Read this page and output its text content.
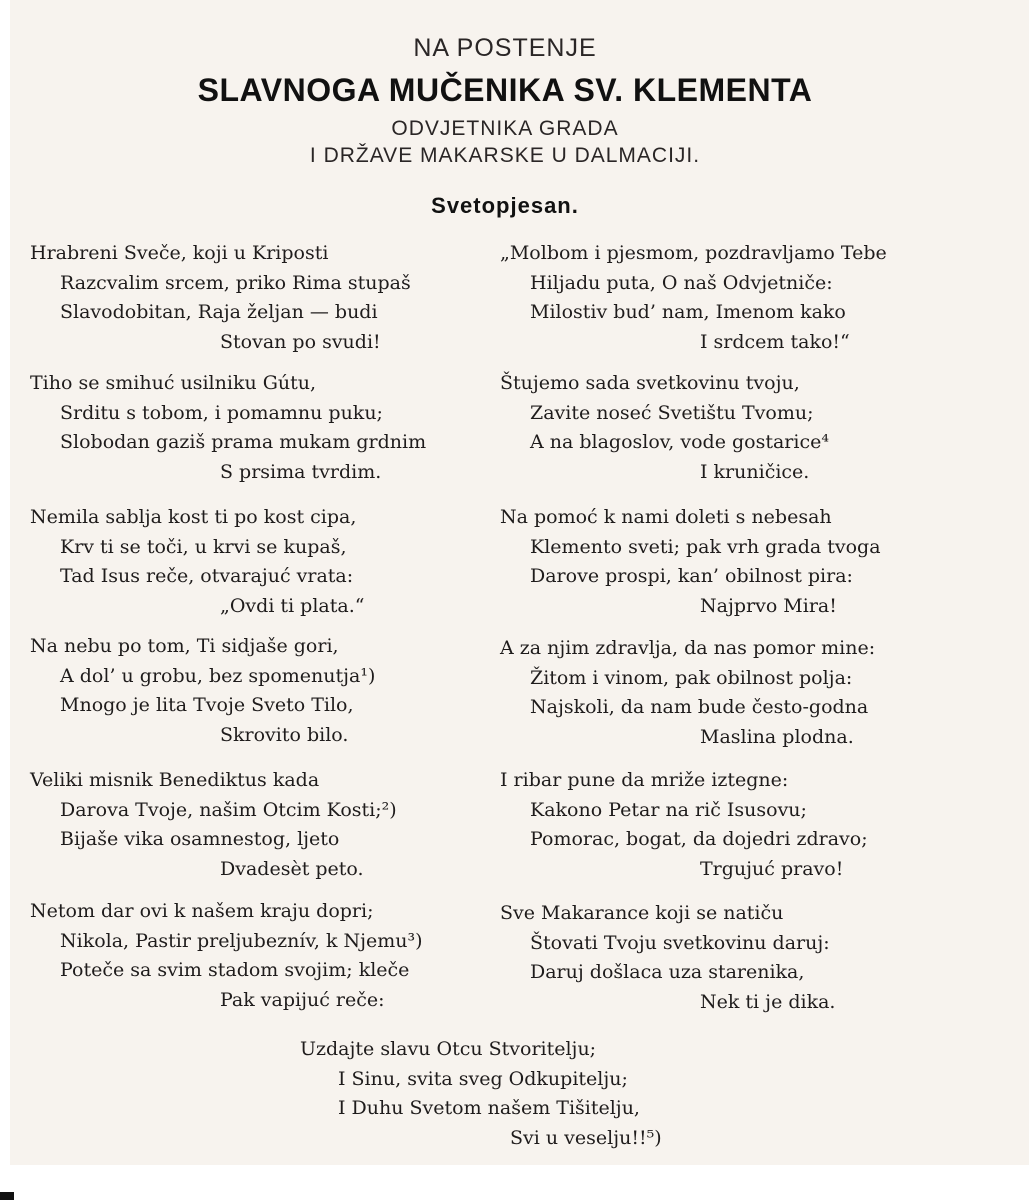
NA POSTENJE
SLAVNOGA MUČENIKA SV. KLEMENTA
ODVJETNIKA GRADA
I DRŽAVE MAKARSKE U DALMACIJI.
Svetopjesan.
Hrabreni Sveče, koji u Kriposti
Razcvalim srcem, priko Rima stupaš
Slavodobitan, Raja željan — budi
Stovan po svudi!
Tiho se smihuć usilniku Gútu,
Srditu s tobom, i pomamnu puku;
Slobodan gaziš prama mukam grdnim
S prsima tvrdim.
Nemila sablja kost ti po kost cipa,
Krv ti se toči, u krvi se kupaš,
Tad Isus reče, otvarajuć vrata:
„Ovdi ti plata.“
Na nebu po tom, Ti sidjaše gori,
A dol’ u grobu, bez spomenutja¹)
Mnogo je lita Tvoje Sveto Tilo,
Skrovito bilo.
Veliki misnik Benediktus kada
Darova Tvoje, našim Otcim Kosti;²)
Bijaše vika osamnestog, ljeto
Dvadesèt peto.
Netom dar ovi k našem kraju dopri;
Nikola, Pastir preljubeznív, k Njemu³)
Poteče sa svim stadom svojim; kleče
Pak vapijuć reče:
„Molbom i pjesmom, pozdravljamo Tebe
Hiljadu puta, O naš Odvjetniče:
Milostiv bud’ nam, Imenom kako
I srdcem tako!“
Štujemo sada svetkovinu tvoju,
Zavite noseć Svetištu Tvomu;
A na blagoslov, vode gostarice⁴
I kruničice.
Na pomoć k nami doleti s nebesah
Klemento sveti; pak vrh grada tvoga
Darove prospi, kan’ obilnost pira:
Najprvo Mira!
A za njim zdravlja, da nas pomor mine:
Žitom i vinom, pak obilnost polja:
Najskoli, da nam bude često-godna
Maslina plodna.
I ribar pune da mriže iztegne:
Kakono Petar na rič Isusovu;
Pomorac, bogat, da dojedri zdravo;
Trgujuć pravo!
Sve Makarance koji se natiču
Štovati Tvoju svetkovinu daruj:
Daruj došlaca uza starenika,
Nek ti je dika.
Uzdajte slavu Otcu Stvoritelju;
I Sinu, svita sveg Odkupitelju;
I Duhu Svetom našem Tišitelju,
Svi u veselju!!⁵)
